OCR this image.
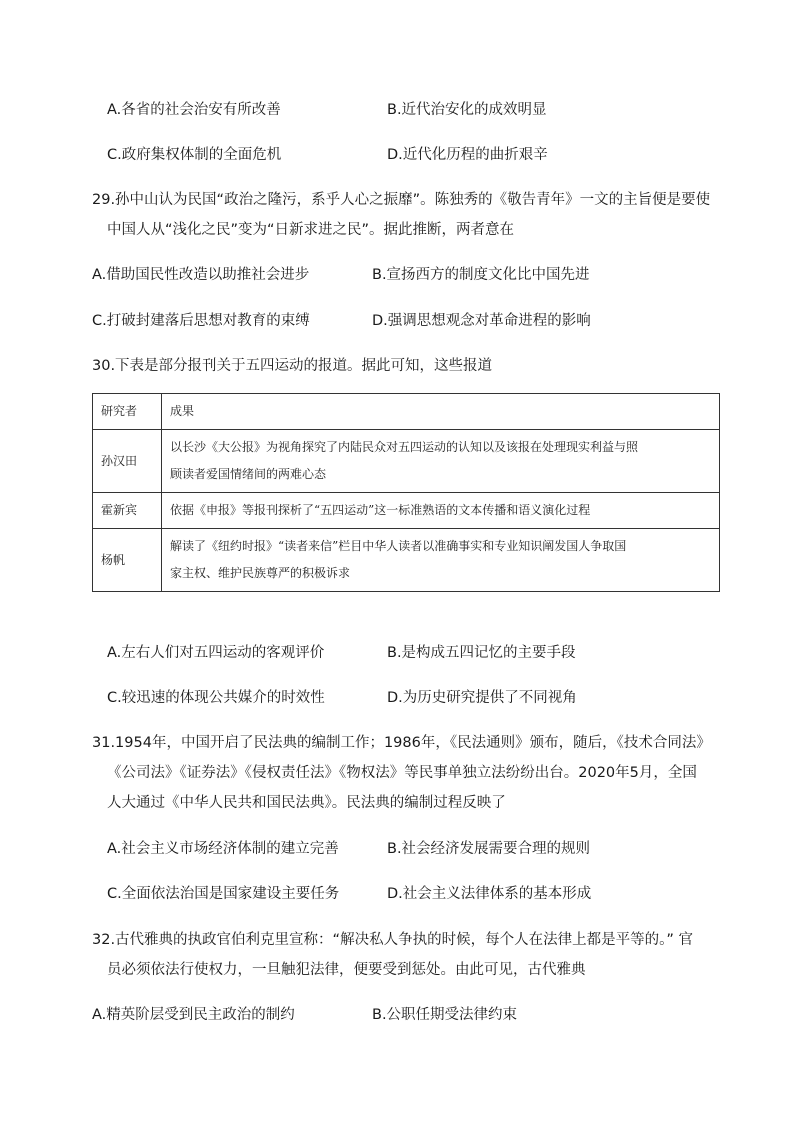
A.各省的社会治安有所改善	B.近代治安化的成效明显
C.政府集权体制的全面危机	D.近代化历程的曲折艰辛
29.孙中山认为民国“政治之隆污，系乎人心之振靡”。陈独秀的《敬告青年》一文的主旨便是要使
中国人从“浅化之民”变为“日新求进之民”。据此推断，两者意在
A.借助国民性改造以助推社会进步	B.宣扬西方的制度文化比中国先进
C.打破封建落后思想对教育的束缚	D.强调思想观念对革命进程的影响
30.下表是部分报刊关于五四运动的报道。据此可知，这些报道
研究者	成果
孙汉田	以长沙《大公报》为视角探究了内陆民众对五四运动的认知以及该报在处理现实利益与照
顾读者爱国情绪间的两难心态

霍新宾	依据《申报》等报刊探析了“五四运动”这一标准熟语的文本传播和语义演化过程

杨帆	解读了《纽约时报》“读者来信”栏目中华人读者以准确事实和专业知识阐发国人争取国
家主权、维护民族尊严的积极诉求
A.左右人们对五四运动的客观评价	B.是构成五四记忆的主要手段
C.较迅速的体现公共媒介的时效性	D.为历史研究提供了不同视角
31.1954年，中国开启了民法典的编制工作；1986年，《民法通则》颁布，随后，《技术合同法》
《公司法》《证券法》《侵权责任法》《物权法》等民事单独立法纷纷出台。2020年5月，全国
人大通过《中华人民共和国民法典》。民法典的编制过程反映了
A.社会主义市场经济体制的建立完善	B.社会经济发展需要合理的规则
C.全面依法治国是国家建设主要任务	D.社会主义法律体系的基本形成
32.古代雅典的执政官伯利克里宣称：“解决私人争执的时候，每个人在法律上都是平等的。” 官
员必须依法行使权力，一旦触犯法律，便要受到惩处。由此可见，古代雅典
A.精英阶层受到民主政治的制约	B.公职任期受法律约束
